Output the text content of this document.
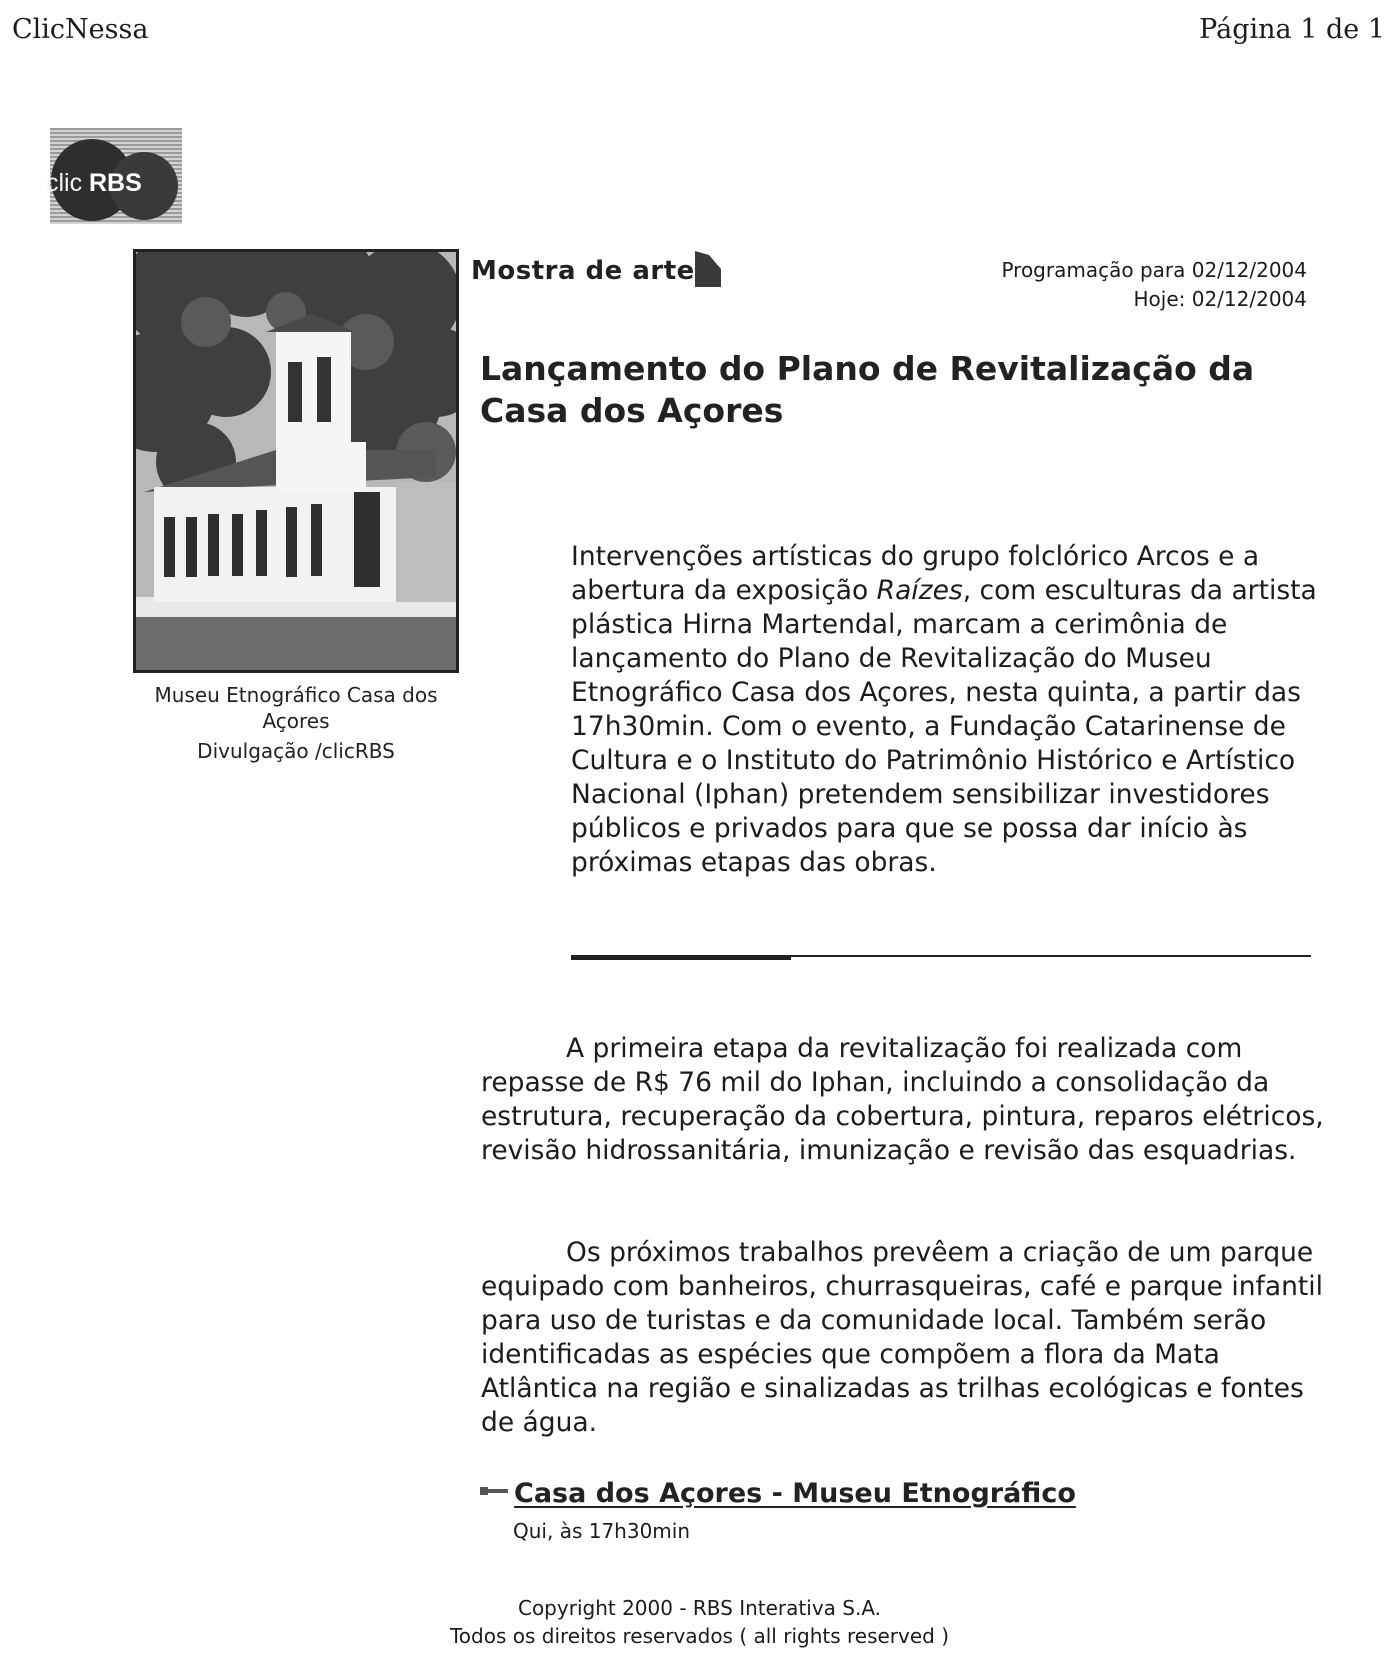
ClicNessa	Página 1 de 1
clic RBS
Museu Etnográfico Casa dos Açores
Divulgação /clicRBS
Mostra de arte	Programação para 02/12/2004
Hoje: 02/12/2004
Lançamento do Plano de Revitalização da Casa dos Açores
Intervenções artísticas do grupo folclórico Arcos e a abertura da exposição Raízes, com esculturas da artista plástica Hirna Martendal, marcam a cerimônia de lançamento do Plano de Revitalização do Museu Etnográfico Casa dos Açores, nesta quinta, a partir das 17h30min. Com o evento, a Fundação Catarinense de Cultura e o Instituto do Patrimônio Histórico e Artístico Nacional (Iphan) pretendem sensibilizar investidores públicos e privados para que se possa dar início às próximas etapas das obras.
A primeira etapa da revitalização foi realizada com repasse de R$ 76 mil do Iphan, incluindo a consolidação da estrutura, recuperação da cobertura, pintura, reparos elétricos, revisão hidrossanitária, imunização e revisão das esquadrias.
Os próximos trabalhos prevêem a criação de um parque equipado com banheiros, churrasqueiras, café e parque infantil para uso de turistas e da comunidade local. Também serão identificadas as espécies que compõem a flora da Mata Atlântica na região e sinalizadas as trilhas ecológicas e fontes de água.
Casa dos Açores - Museu Etnográfico
Qui, às 17h30min
Copyright 2000 - RBS Interativa S.A.
Todos os direitos reservados ( all rights reserved )
